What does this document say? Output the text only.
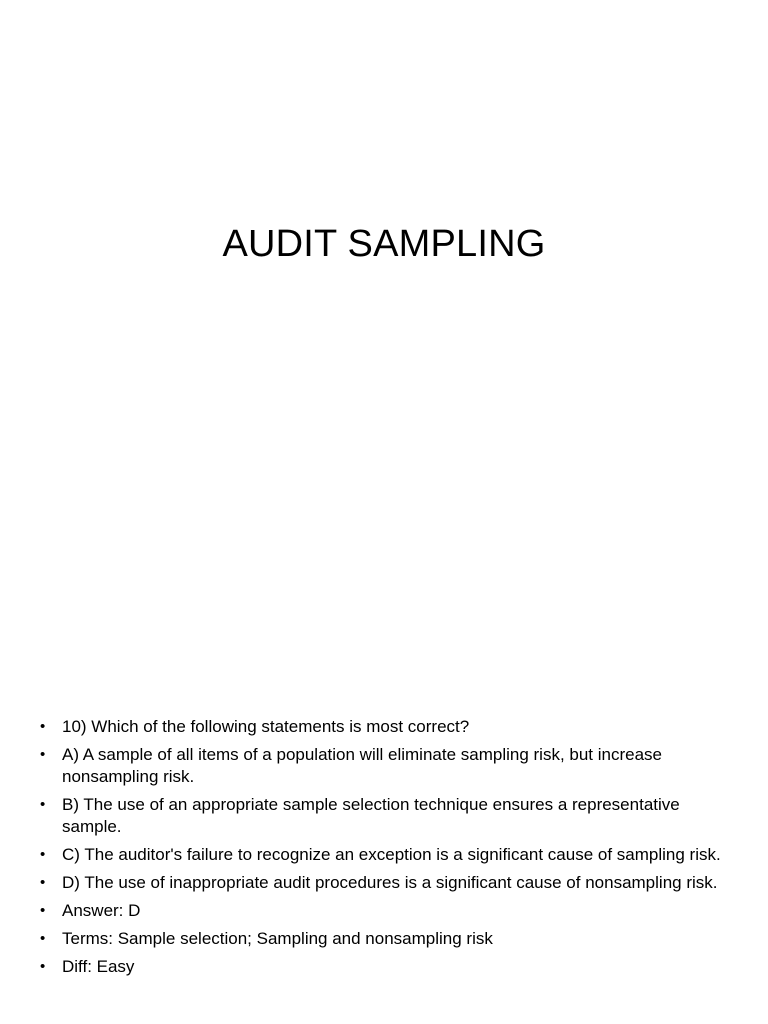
AUDIT SAMPLING
• 10) Which of the following statements is most correct?
• A) A sample of all items of a population will eliminate sampling risk, but increase nonsampling risk.
• B) The use of an appropriate sample selection technique ensures a representative sample.
• C) The auditor's failure to recognize an exception is a significant cause of sampling risk.
• D) The use of inappropriate audit procedures is a significant cause of nonsampling risk.
• Answer: D
• Terms: Sample selection; Sampling and nonsampling risk
• Diff: Easy
